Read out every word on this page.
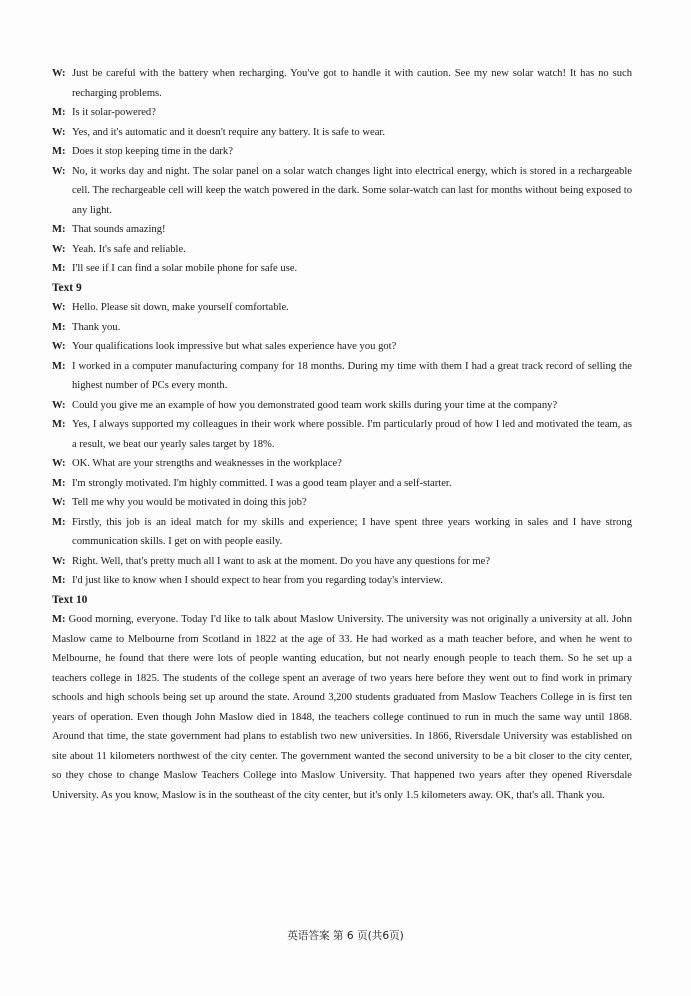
W: Just be careful with the battery when recharging. You've got to handle it with caution. See my new solar watch! It has no such recharging problems.
M: Is it solar-powered?
W: Yes, and it's automatic and it doesn't require any battery. It is safe to wear.
M: Does it stop keeping time in the dark?
W: No, it works day and night. The solar panel on a solar watch changes light into electrical energy, which is stored in a rechargeable cell. The rechargeable cell will keep the watch powered in the dark. Some solar-watch can last for months without being exposed to any light.
M: That sounds amazing!
W: Yeah. It's safe and reliable.
M: I'll see if I can find a solar mobile phone for safe use.
Text 9
W: Hello. Please sit down, make yourself comfortable.
M: Thank you.
W: Your qualifications look impressive but what sales experience have you got?
M: I worked in a computer manufacturing company for 18 months. During my time with them I had a great track record of selling the highest number of PCs every month.
W: Could you give me an example of how you demonstrated good team work skills during your time at the company?
M: Yes, I always supported my colleagues in their work where possible. I'm particularly proud of how I led and motivated the team, as a result, we beat our yearly sales target by 18%.
W: OK. What are your strengths and weaknesses in the workplace?
M: I'm strongly motivated. I'm highly committed. I was a good team player and a self-starter.
W: Tell me why you would be motivated in doing this job?
M: Firstly, this job is an ideal match for my skills and experience; I have spent three years working in sales and I have strong communication skills. I get on with people easily.
W: Right. Well, that's pretty much all I want to ask at the moment. Do you have any questions for me?
M: I'd just like to know when I should expect to hear from you regarding today's interview.
Text 10
M: Good morning, everyone. Today I'd like to talk about Maslow University. The university was not originally a university at all. John Maslow came to Melbourne from Scotland in 1822 at the age of 33. He had worked as a math teacher before, and when he went to Melbourne, he found that there were lots of people wanting education, but not nearly enough people to teach them. So he set up a teachers college in 1825. The students of the college spent an average of two years here before they went out to find work in primary schools and high schools being set up around the state. Around 3,200 students graduated from Maslow Teachers College in is first ten years of operation. Even though John Maslow died in 1848, the teachers college continued to run in much the same way until 1868. Around that time, the state government had plans to establish two new universities. In 1866, Riversdale University was established on site about 11 kilometers northwest of the city center. The government wanted the second university to be a bit closer to the city center, so they chose to change Maslow Teachers College into Maslow University. That happened two years after they opened Riversdale University. As you know, Maslow is in the southeast of the city center, but it's only 1.5 kilometers away. OK, that's all. Thank you.
英语答案 第 6 页(共6页)
